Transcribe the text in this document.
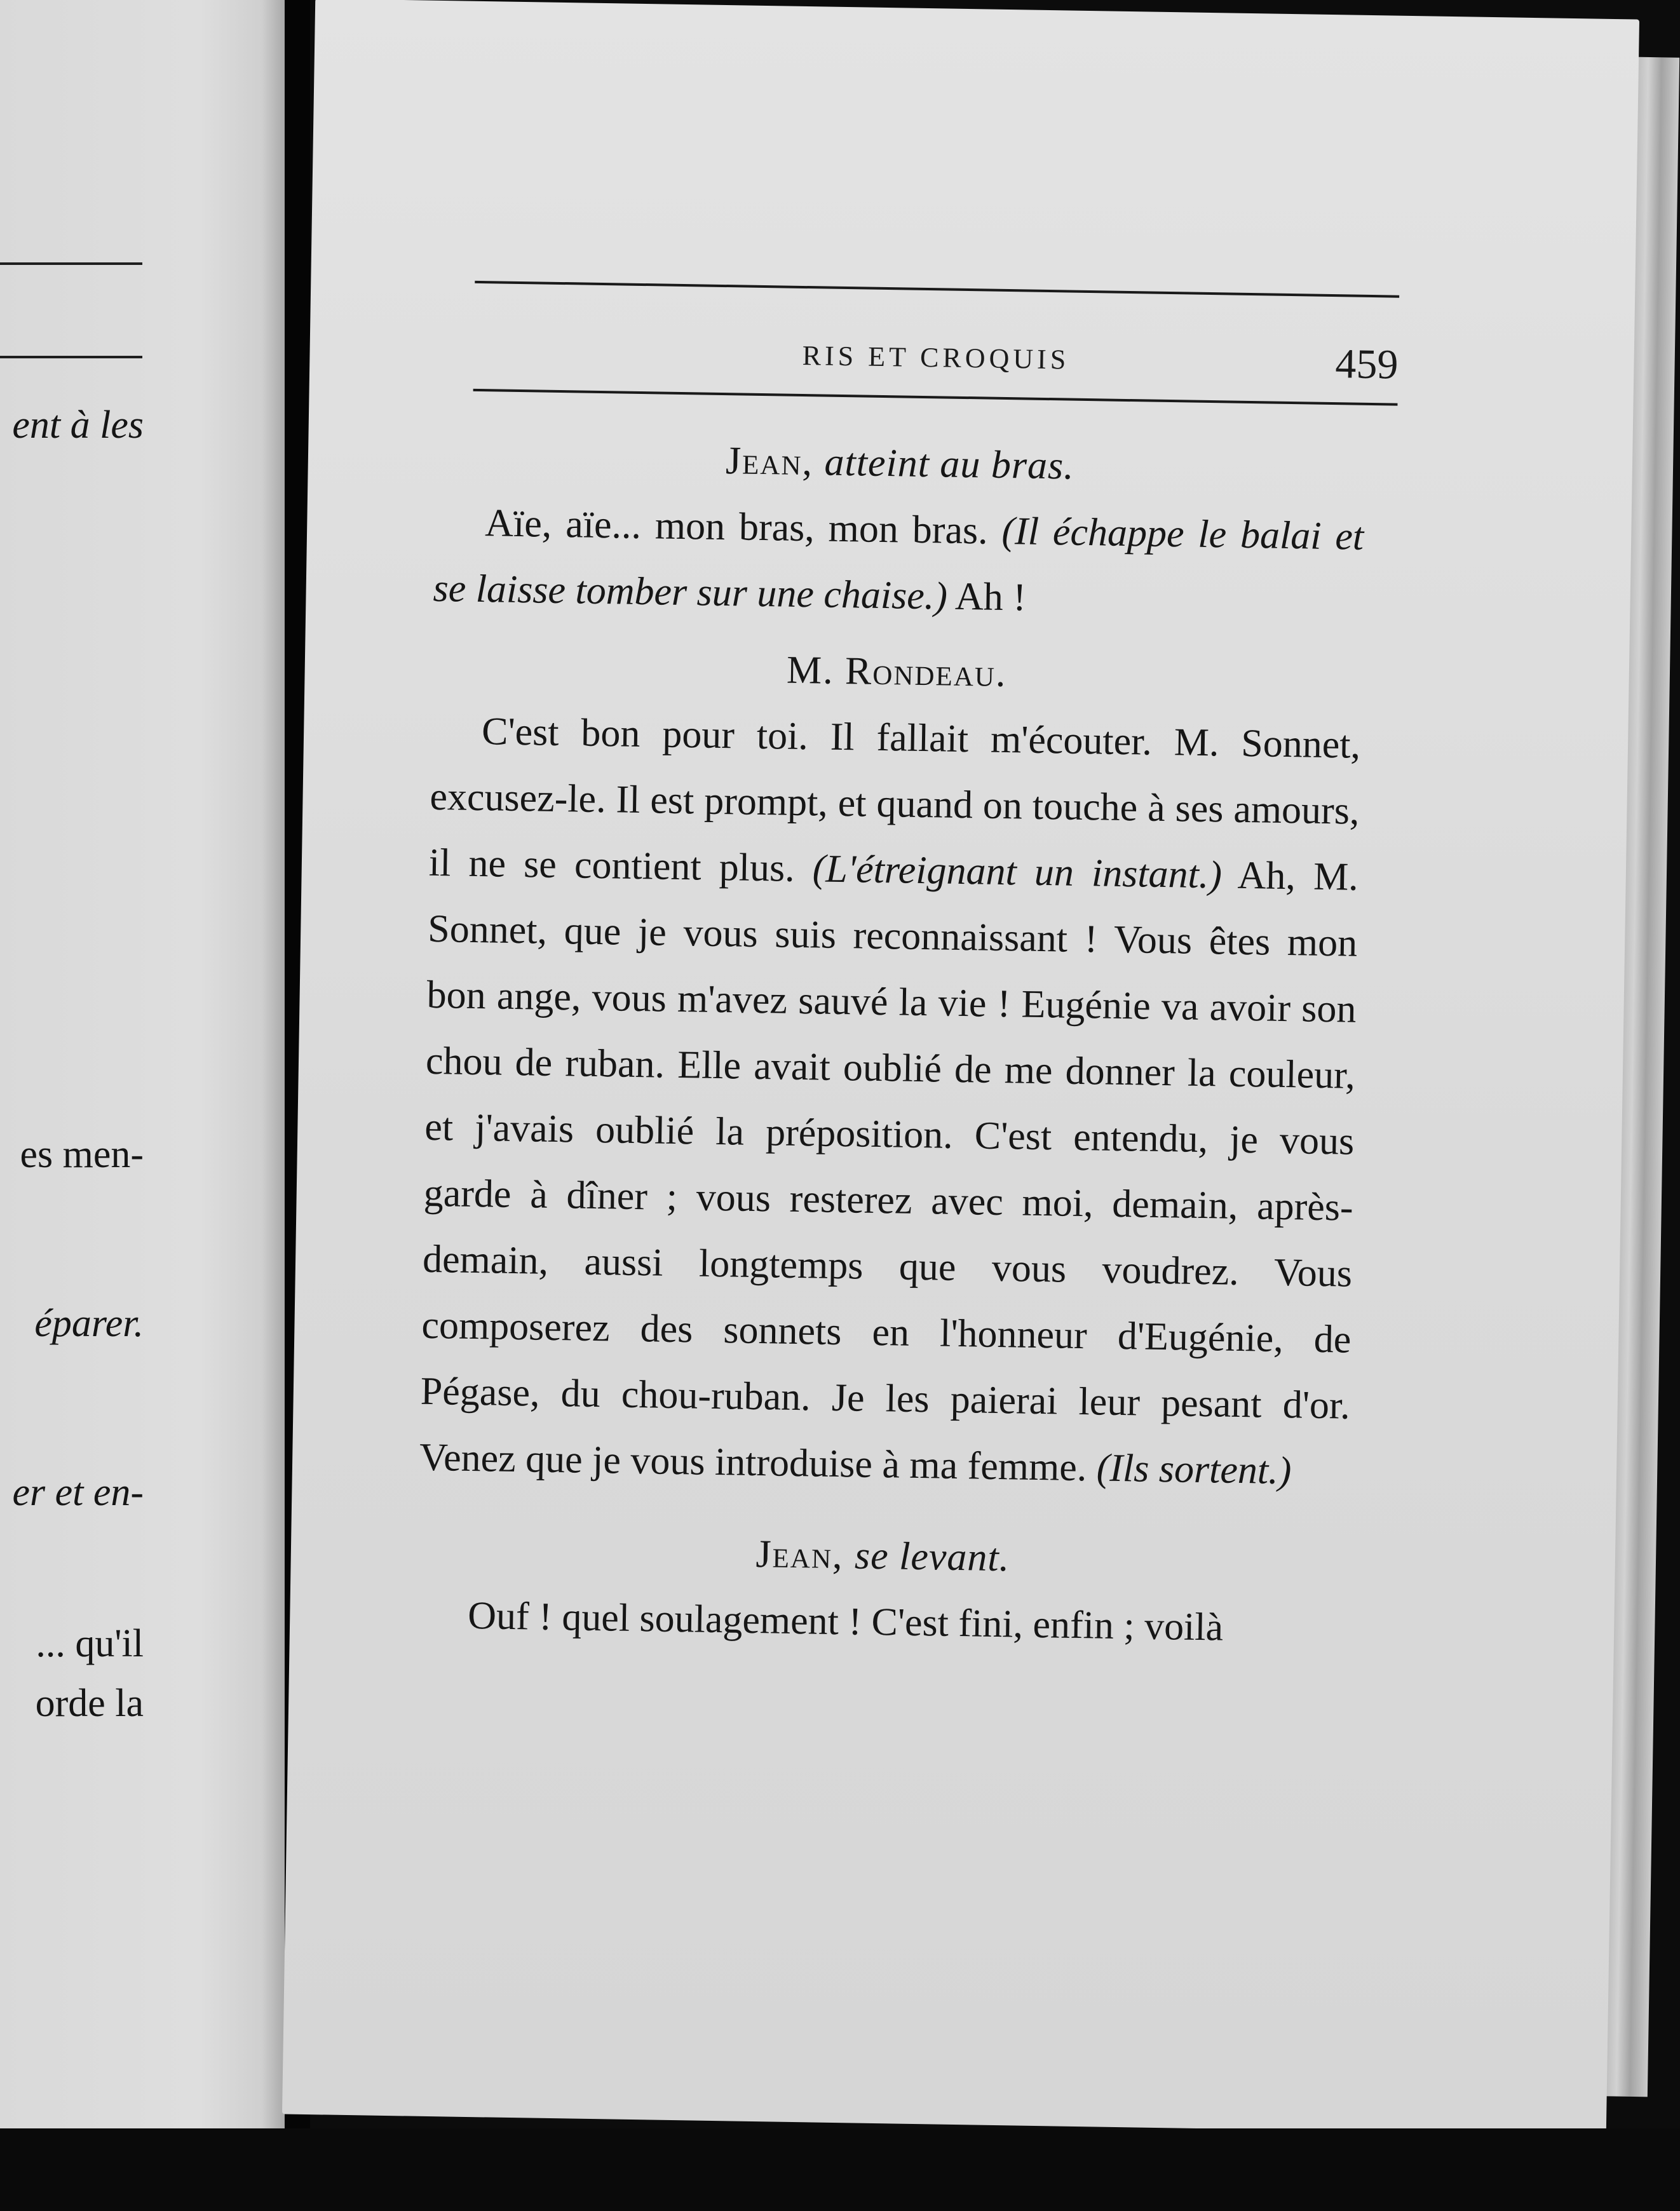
ent à les
es men-
éparer.
er et en-
... qu'il
orde la
RIS ET CROQUIS	459

Jean, atteint au bras.

Aïe, aïe... mon bras, mon bras. (Il échappe le balai et se laisse tomber sur une chaise.) Ah !

M. Rondeau.

C'est bon pour toi. Il fallait m'écouter. M. Sonnet, excusez-le. Il est prompt, et quand on touche à ses amours, il ne se contient plus. (L'étreignant un instant.) Ah, M. Sonnet, que je vous suis reconnaissant ! Vous êtes mon bon ange, vous m'avez sauvé la vie ! Eugénie va avoir son chou de ruban. Elle avait oublié de me donner la couleur, et j'avais oublié la préposition. C'est entendu, je vous garde à dîner ; vous resterez avec moi, demain, après-demain, aussi longtemps que vous voudrez. Vous composerez des sonnets en l'honneur d'Eugénie, de Pégase, du chou-ruban. Je les paierai leur pesant d'or. Venez que je vous introduise à ma femme. (Ils sortent.)

Jean, se levant.

Ouf ! quel soulagement ! C'est fini, enfin ; voilà
